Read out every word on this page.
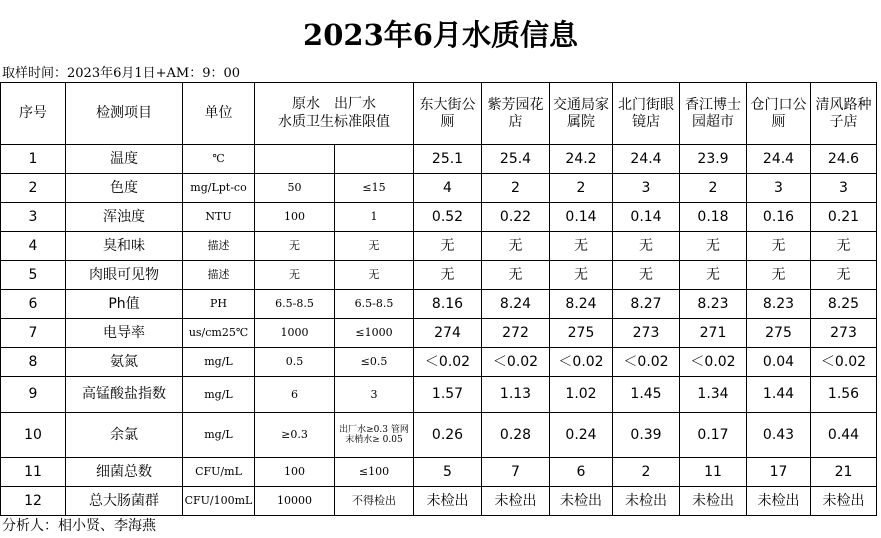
2023年6月水质信息
取样时间：2023年6月1日+AM：9：00
序号	检测项目	单位	原水　出厂水
水质卫生标准限值		东大街公厕	紫芳园花店	交通局家属院	北门街眼镜店	香江博士园超市	仓门口公厕	清风路种子店
1	温度	℃			25.1	25.4	24.2	24.4	23.9	24.4	24.6
2	色度	mg/Lpt-co	50	≤15	4	2	2	3	2	3	3
3	浑浊度	NTU	100	1	0.52	0.22	0.14	0.14	0.18	0.16	0.21
4	臭和味	描述	无	无	无	无	无	无	无	无	无
5	肉眼可见物	描述	无	无	无	无	无	无	无	无	无
6	Ph值	PH	6.5-8.5	6.5-8.5	8.16	8.24	8.24	8.27	8.23	8.23	8.25
7	电导率	us/cm25℃	1000	≤1000	274	272	275	273	271	275	273
8	氨氮	mg/L	0.5	≤0.5	＜0.02	＜0.02	＜0.02	＜0.02	＜0.02	0.04	＜0.02
9	高锰酸盐指数	mg/L	6	3	1.57	1.13	1.02	1.45	1.34	1.44	1.56
10	余氯	mg/L	≥0.3	出厂水≥0.3 管网末梢水≥ 0.05	0.26	0.28	0.24	0.39	0.17	0.43	0.44
11	细菌总数	CFU/mL	100	≤100	5	7	6	2	11	17	21
12	总大肠菌群	CFU/100mL	10000	不得检出	未检出	未检出	未检出	未检出	未检出	未检出	未检出
分析人：相小贤、李海燕
